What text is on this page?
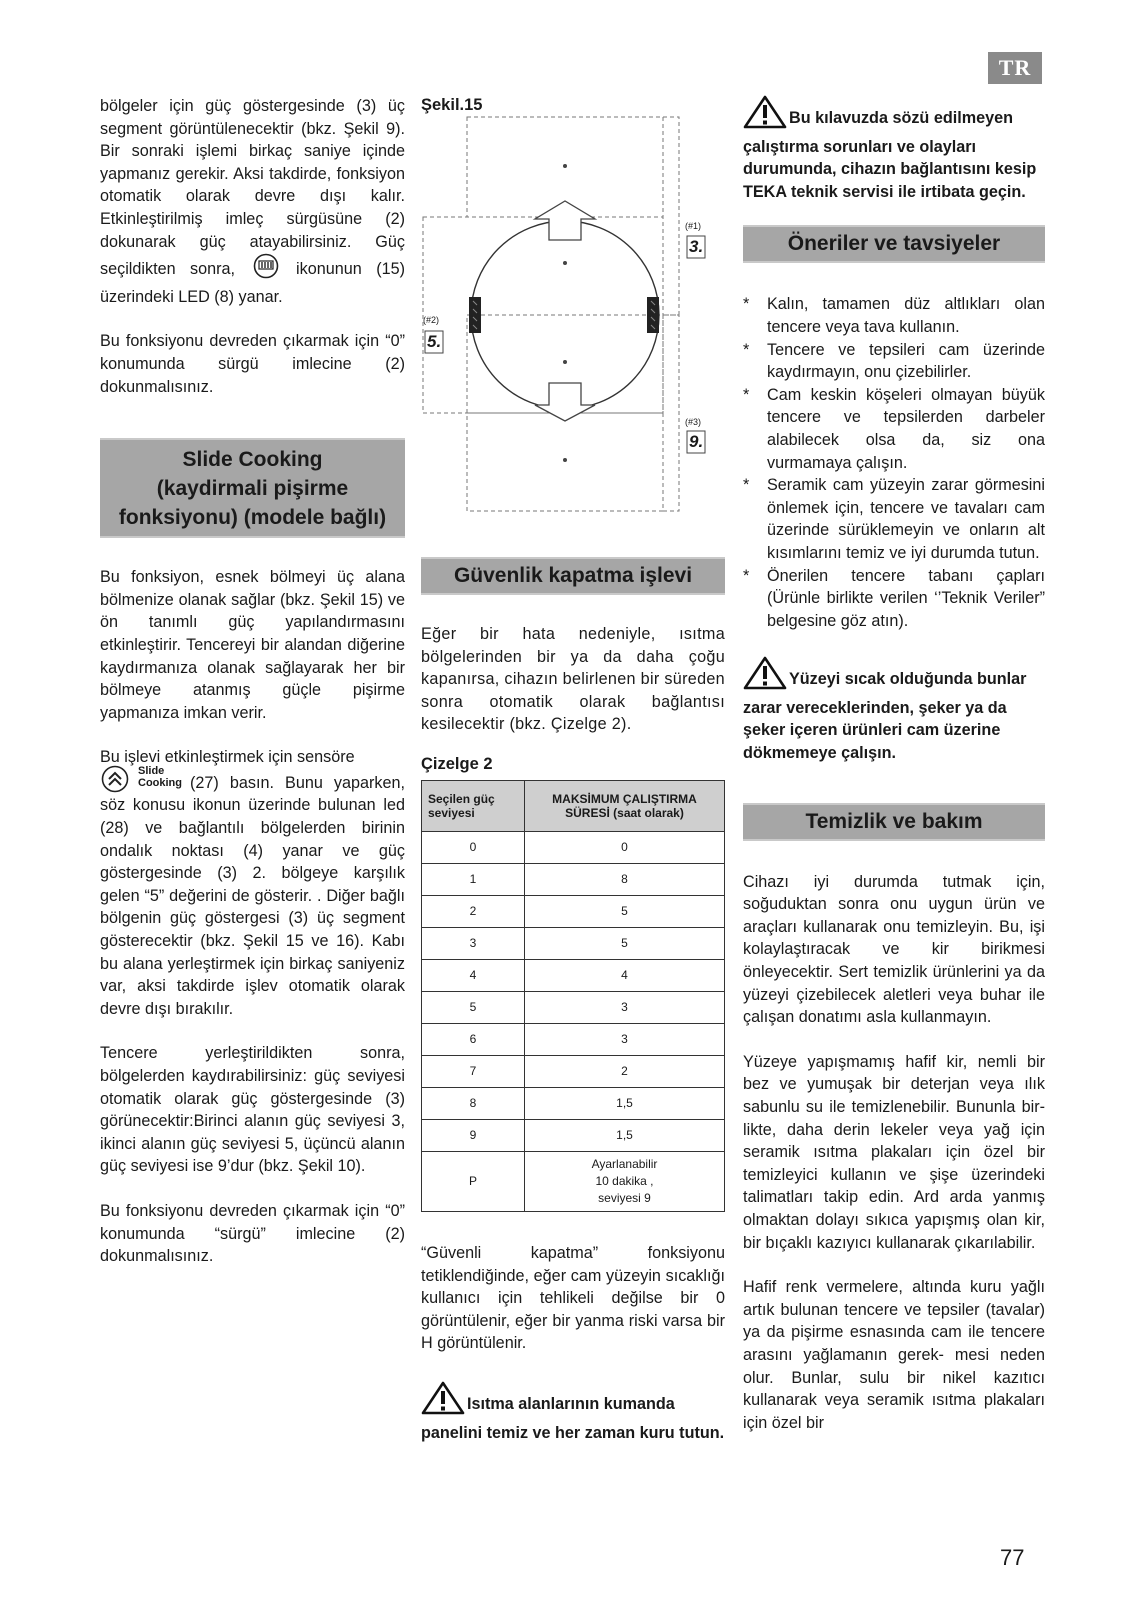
TR

bölgeler için güç göstergesinde (3) üç segment görüntülenecektir (bkz. Şekil 9). Bir sonraki işlemi birkaç saniye içinde yapmanız gerekir. Aksi takdirde, fonksiyon otomatik olarak devre dışı kalır. Etkinleştirilmiş imleç sürgüsüne (2) dokunarak güç atayabilirsiniz. Güç seçildikten sonra,	ikonunun (15) üzerindeki LED (8) yanar.

Bu fonksiyonu devreden çıkarmak için “0” konumunda sürgü imlecine (2) dokunmalısınız.

Slide Cooking
(kaydirmali pişirme
fonksiyonu) (modele bağlı)

Bu fonksiyon, esnek bölmeyi üç alana bölmenize olanak sağlar (bkz. Şekil 15) ve ön tanımlı güç yapılandırmasını etkinleştirir. Tencereyi bir alandan diğerine kaydırmanıza olanak sağlayarak her bir bölmeye atanmış güçle pişirme yapmanıza imkan verir.

Bu işlevi etkinleştirmek için sensöre

Slide
Cooking (27) basın. Bunu yaparken, söz konusu ikonun üzerinde bulunan led (28) ve bağlantılı bölgelerden birinin ondalık noktası (4) yanar ve güç göstergesinde (3) 2. bölgeye karşılık gelen “5” değerini de gösterir. . Diğer bağlı bölgenin güç göstergesi (3) üç segment gösterecektir (bkz. Şekil 15 ve 16). Kabı bu alana yerleştirmek için birkaç saniyeniz var, aksi takdirde işlev otomatik olarak devre dışı bırakılır.

Tencere yerleştirildikten sonra, bölgelerden kaydırabilirsiniz: güç seviyesi otomatik olarak güç göstergesinde (3) görünecektir:Birinci alanın güç seviyesi 3, ikinci alanın güç seviyesi 5, üçüncü alanın güç seviyesi ise 9’dur (bkz. Şekil 10).

Bu fonksiyonu devreden çıkarmak için “0” konumunda “sürgü” imlecine (2) dokunmalısınız.

Şekil.15
(#1)
(#2)
(#3)
3.
5.
9.
Güvenlik kapatma işlevi

Eğer bir hata nedeniyle, ısıtma bölgelerinden bir ya da daha çoğu kapanırsa, cihazın belirlenen bir süreden sonra otomatik olarak bağlantısı kesilecektir (bkz. Çizelge 2).

Çizelge 2
Seçilen güç seviyesi	MAKSİMUM ÇALIŞTIRMA SÜRESİ (saat olarak)
0	0
1	8
2	5
3	5
4	4
5	3
6	3
7	2
8	1,5
9	1,5
P	Ayarlanabilir
10 dakika ,
seviyesi 9

“Güvenli kapatma” fonksiyonu tetiklendiğinde, eğer cam yüzeyin sıcaklığı kullanıcı için tehlikeli değilse bir 0 görüntülenir, eğer bir yanma riski varsa bir H görüntülenir.

Isıtma alanlarının kumanda panelini temiz ve her zaman kuru tutun.

Bu kılavuzda sözü edilmeyen çalıştırma sorunları ve olayları durumunda, cihazın bağlantısını kesip TEKA teknik servisi ile irtibata geçin.

Öneriler ve tavsiyeler
* Kalın, tamamen düz altlıkları olan tencere veya tava kullanın.
* Tencere ve tepsileri cam üzerinde kaydırmayın, onu çizebilirler.
* Cam keskin köşeleri olmayan büyük tencere ve tepsilerden darbeler alabilecek olsa da, siz ona vurmamaya çalışın.
* Seramik cam yüzeyin zarar görmesini önlemek için, tencere ve tavaları cam üzerinde sürüklemeyin ve onların alt kısımlarını temiz ve iyi durumda tutun.
* Önerilen tencere tabanı çapları (Ürünle birlikte verilen ‘’Teknik Veriler” belgesine göz atın).

Yüzeyi sıcak olduğunda bunlar zarar vereceklerinden, şeker ya da şeker içeren ürünleri cam üzerine dökmemeye çalışın.

Temizlik ve bakım

Cihazı iyi durumda tutmak için, soğuduktan sonra onu uygun ürün ve araçları kullanarak onu temizleyin. Bu, işi kolaylaştıracak ve kir birikmesi önleyecektir. Sert temizlik ürünlerini ya da yüzeyi çizebilecek aletleri veya buhar ile çalışan donatımı asla kullanmayın.

Yüzeye yapışmamış hafif kir, nemli bir bez ve yumuşak bir deterjan veya ılık sabunlu su ile temizlenebilir. Bununla bir- likte, daha derin lekeler veya yağ için seramik ısıtma plakaları için özel bir temizleyici kullanın ve şişe üzerindeki talimatları takip edin. Ard arda yanmış olmaktan dolayı sıkıca yapışmış olan kir, bir bıçaklı kazıyıcı kullanarak çıkarılabilir.

Hafif renk vermelere, altında kuru yağlı artık bulunan tencere ve tepsiler (tavalar) ya da pişirme esnasında cam ile tencere arasını yağlamanın gerek- mesi neden olur. Bunlar, sulu bir nikel kazıtıcı kullanarak veya seramik ısıtma plakaları için özel bir

77
